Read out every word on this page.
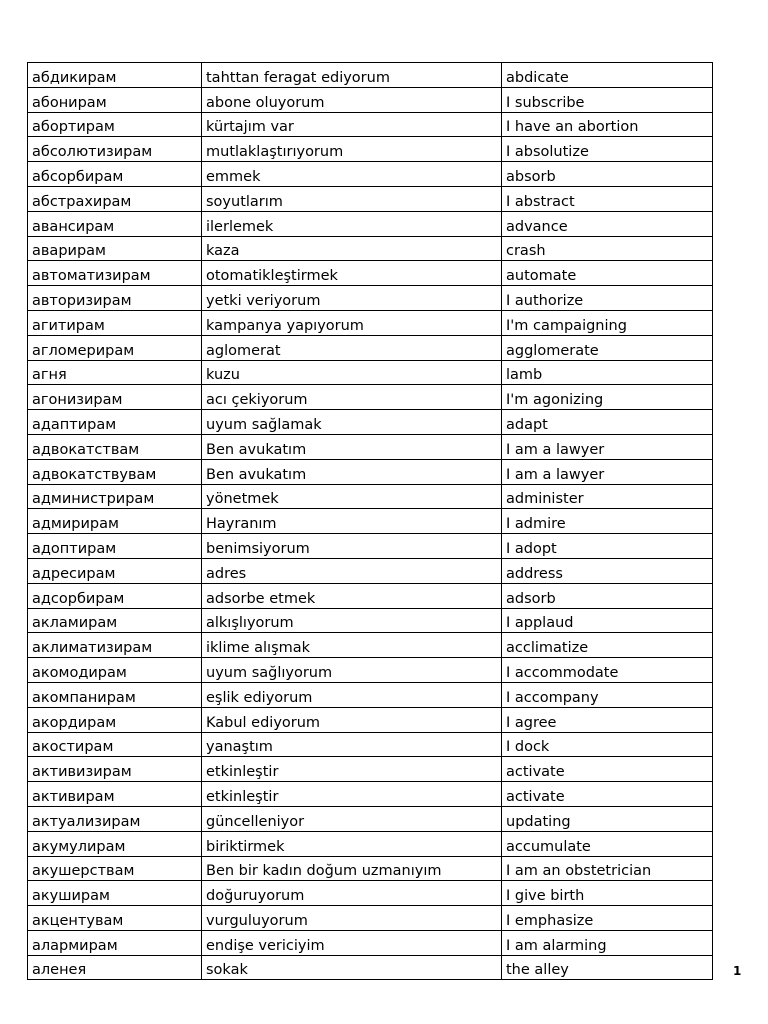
абдикирам	tahttan feragat ediyorum	abdicate
абонирам	abone oluyorum	I subscribe
абортирам	kürtajım var	I have an abortion
абсолютизирам	mutlaklaştırıyorum	I absolutize
абсорбирам	emmek	absorb
абстрахирам	soyutlarım	I abstract
авансирам	ilerlemek	advance
аварирам	kaza	crash
автоматизирам	otomatikleştirmek	automate
авторизирам	yetki veriyorum	I authorize
агитирам	kampanya yapıyorum	I'm campaigning
агломерирам	aglomerat	agglomerate
агня	kuzu	lamb
агонизирам	acı çekiyorum	I'm agonizing
адаптирам	uyum sağlamak	adapt
адвокатствам	Ben avukatım	I am a lawyer
адвокатствувам	Ben avukatım	I am a lawyer
администрирам	yönetmek	administer
адмирирам	Hayranım	I admire
адоптирам	benimsiyorum	I adopt
адресирам	adres	address
адсорбирам	adsorbe etmek	adsorb
акламирам	alkışlıyorum	I applaud
аклиматизирам	iklime alışmak	acclimatize
акомодирам	uyum sağlıyorum	I accommodate
акомпанирам	eşlik ediyorum	I accompany
акордирам	Kabul ediyorum	I agree
акостирам	yanaştım	I dock
активизирам	etkinleştir	activate
активирам	etkinleştir	activate
актуализирам	güncelleniyor	updating
акумулирам	biriktirmek	accumulate
акушерствам	Ben bir kadın doğum uzmanıyım	I am an obstetrician
акуширам	doğuruyorum	I give birth
акцентувам	vurguluyorum	I emphasize
алармирам	endişe vericiyim	I am alarming
аленея	sokak	the alley	1
